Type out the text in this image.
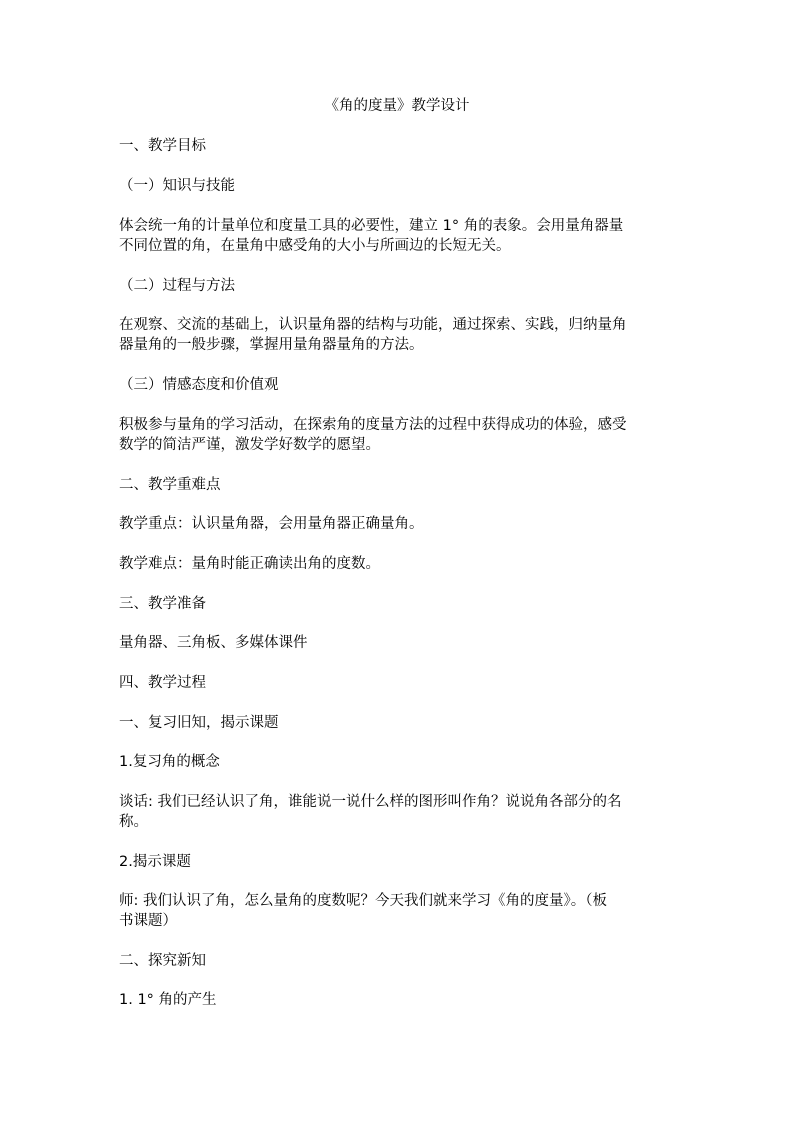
《角的度量》教学设计
一、教学目标
（一）知识与技能
体会统一角的计量单位和度量工具的必要性，建立 1° 角的表象。会用量角器量
不同位置的角，在量角中感受角的大小与所画边的长短无关。
（二）过程与方法
在观察、交流的基础上，认识量角器的结构与功能，通过探索、实践，归纳量角
器量角的一般步骤，掌握用量角器量角的方法。
（三）情感态度和价值观
积极参与量角的学习活动，在探索角的度量方法的过程中获得成功的体验，感受
数学的简洁严谨，激发学好数学的愿望。
二、教学重难点
教学重点：认识量角器，会用量角器正确量角。
教学难点：量角时能正确读出角的度数。
三、教学准备
量角器、三角板、多媒体课件
四、教学过程
一、复习旧知，揭示课题
1.复习角的概念
谈话: 我们已经认识了角，谁能说一说什么样的图形叫作角？说说角各部分的名
称。
2.揭示课题
师: 我们认识了角，怎么量角的度数呢？今天我们就来学习《角的度量》。（板
书课题）
二、探究新知
1. 1° 角的产生
